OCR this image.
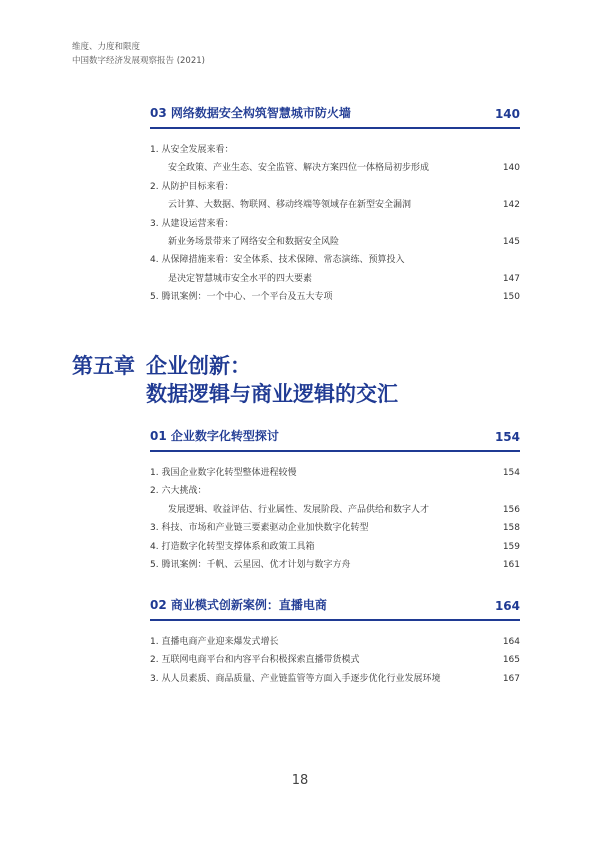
维度、力度和限度
中国数字经济发展观察报告 (2021)
03 网络数据安全构筑智慧城市防火墙	140
1. 从安全发展来看：
安全政策、产业生态、安全监管、解决方案四位一体格局初步形成	140
2. 从防护目标来看：
云计算、大数据、物联网、移动终端等领域存在新型安全漏洞	142
3. 从建设运营来看：
新业务场景带来了网络安全和数据安全风险	145
4. 从保障措施来看：安全体系、技术保障、常态演练、预算投入
是决定智慧城市安全水平的四大要素	147
5. 腾讯案例：一个中心、一个平台及五大专项	150
第五章 企业创新：
数据逻辑与商业逻辑的交汇
01 企业数字化转型探讨	154
1. 我国企业数字化转型整体进程较慢	154
2. 六大挑战：
发展逻辑、收益评估、行业属性、发展阶段、产品供给和数字人才	156
3. 科技、市场和产业链三要素驱动企业加快数字化转型	158
4. 打造数字化转型支撑体系和政策工具箱	159
5. 腾讯案例：千帆、云星园、优才计划与数字方舟	161
02 商业模式创新案例：直播电商	164
1. 直播电商产业迎来爆发式增长	164
2. 互联网电商平台和内容平台积极探索直播带货模式	165
3. 从人员素质、商品质量、产业链监管等方面入手逐步优化行业发展环境	167
18
